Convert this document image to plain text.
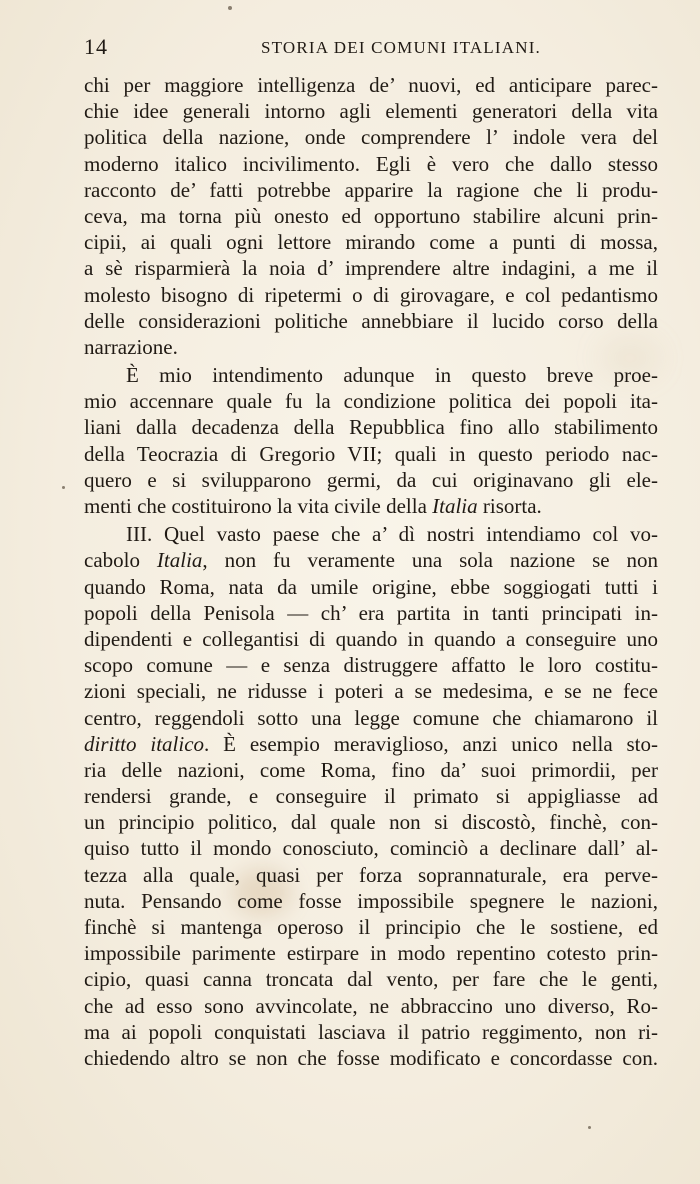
14	STORIA DEI COMUNI ITALIANI.
chi per maggiore intelligenza de’ nuovi, ed anticipare parec-
chie idee generali intorno agli elementi generatori della vita
politica della nazione, onde comprendere l’ indole vera del
moderno italico incivilimento. Egli è vero che dallo stesso
racconto de’ fatti potrebbe apparire la ragione che li produ-
ceva, ma torna più onesto ed opportuno stabilire alcuni prin-
cipii, ai quali ogni lettore mirando come a punti di mossa,
a sè risparmierà la noia d’ imprendere altre indagini, a me il
molesto bisogno di ripetermi o di girovagare, e col pedantismo
delle considerazioni politiche annebbiare il lucido corso della
narrazione.
È mio intendimento adunque in questo breve proe-
mio accennare quale fu la condizione politica dei popoli ita-
liani dalla decadenza della Repubblica fino allo stabilimento
della Teocrazia di Gregorio VII; quali in questo periodo nac-
quero e si svilupparono germi, da cui originavano gli ele-
menti che costituirono la vita civile della Italia risorta.
III. Quel vasto paese che a’ dì nostri intendiamo col vo-
cabolo Italia, non fu veramente una sola nazione se non
quando Roma, nata da umile origine, ebbe soggiogati tutti i
popoli della Penisola — ch’ era partita in tanti principati in-
dipendenti e collegantisi di quando in quando a conseguire uno
scopo comune — e senza distruggere affatto le loro costitu-
zioni speciali, ne ridusse i poteri a se medesima, e se ne fece
centro, reggendoli sotto una legge comune che chiamarono il
diritto italico. È esempio meraviglioso, anzi unico nella sto-
ria delle nazioni, come Roma, fino da’ suoi primordii, per
rendersi grande, e conseguire il primato si appigliasse ad
un principio politico, dal quale non si discostò, finchè, con-
quiso tutto il mondo conosciuto, cominciò a declinare dall’ al-
tezza alla quale, quasi per forza soprannaturale, era perve-
nuta. Pensando come fosse impossibile spegnere le nazioni,
finchè si mantenga operoso il principio che le sostiene, ed
impossibile parimente estirpare in modo repentino cotesto prin-
cipio, quasi canna troncata dal vento, per fare che le genti,
che ad esso sono avvincolate, ne abbraccino uno diverso, Ro-
ma ai popoli conquistati lasciava il patrio reggimento, non ri-
chiedendo altro se non che fosse modificato e concordasse con.
